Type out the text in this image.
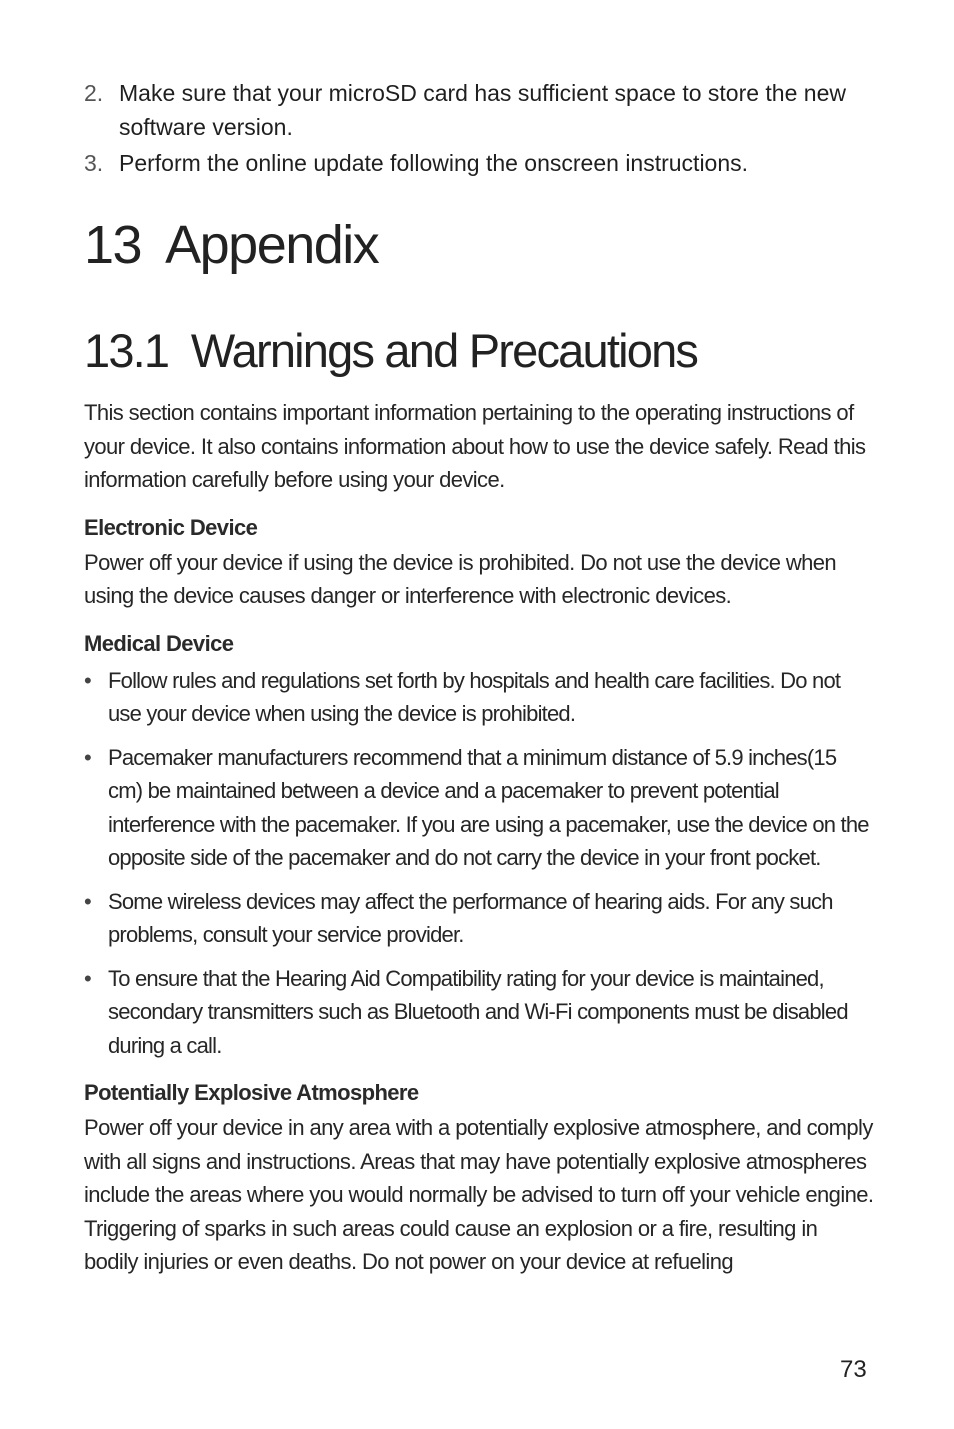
2. Make sure that your microSD card has sufficient space to store the new software version.
3. Perform the online update following the onscreen instructions.
13 Appendix
13.1 Warnings and Precautions

This section contains important information pertaining to the operating instructions of your device. It also contains information about how to use the device safely. Read this information carefully before using your device.

Electronic Device

Power off your device if using the device is prohibited. Do not use the device when using the device causes danger or interference with electronic devices.

Medical Device
• Follow rules and regulations set forth by hospitals and health care facilities. Do not use your device when using the device is prohibited.
• Pacemaker manufacturers recommend that a minimum distance of 5.9 inches(15 cm) be maintained between a device and a pacemaker to prevent potential interference with the pacemaker. If you are using a pacemaker, use the device on the opposite side of the pacemaker and do not carry the device in your front pocket.
• Some wireless devices may affect the performance of hearing aids. For any such problems, consult your service provider.
• To ensure that the Hearing Aid Compatibility rating for your device is maintained, secondary transmitters such as Bluetooth and Wi-Fi components must be disabled during a call.
Potentially Explosive Atmosphere

Power off your device in any area with a potentially explosive atmosphere, and comply with all signs and instructions. Areas that may have potentially explosive atmospheres include the areas where you would normally be advised to turn off your vehicle engine. Triggering of sparks in such areas could cause an explosion or a fire, resulting in bodily injuries or even deaths. Do not power on your device at refueling

73
